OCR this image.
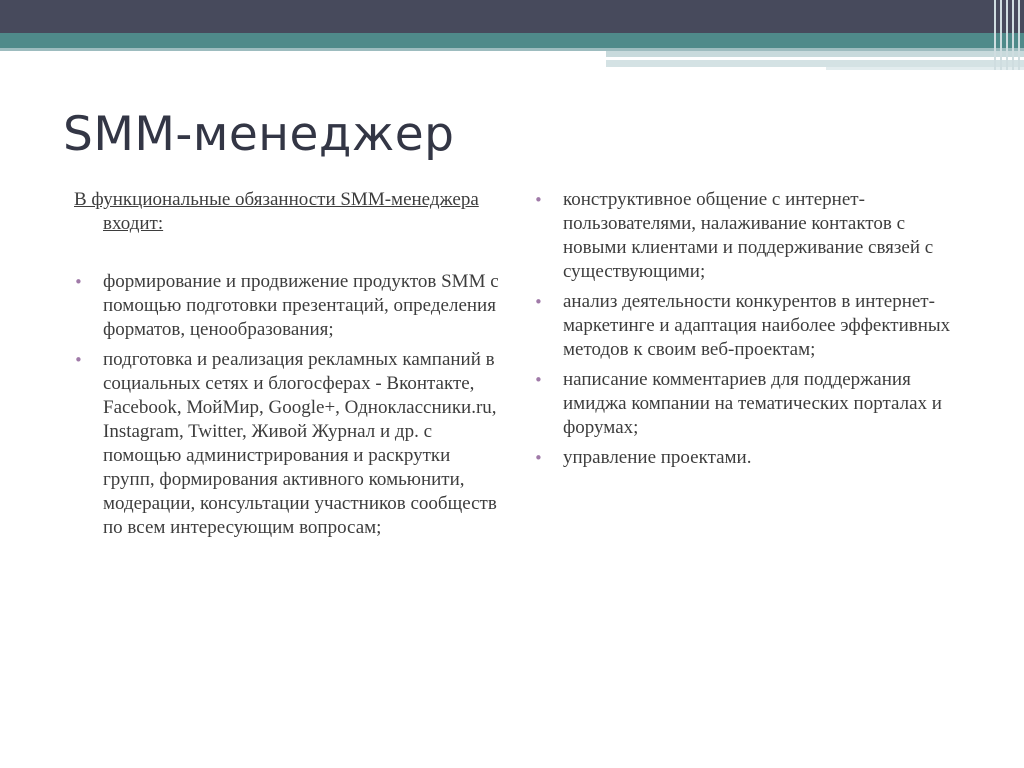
SMM-менеджер

В функциональные обязанности SMM-менеджера входит:

• формирование и продвижение продуктов SMM с помощью подготовки презентаций, определения форматов, ценообразования;
• подготовка и реализация рекламных кампаний в социальных сетях и блогосферах - Вконтакте, Facebook, МойМир, Google+, Одноклассники.ru, Instagram, Twitter, Живой Журнал и др. с помощью администрирования и раскрутки групп, формирования активного комьюнити, модерации, консультации участников сообществ по всем интересующим вопросам;
• конструктивное общение с интернет-пользователями, налаживание контактов с новыми клиентами и поддерживание связей с существующими;
• анализ деятельности конкурентов в интернет-маркетинге и адаптация наиболее эффективных методов к своим веб-проектам;
• написание комментариев для поддержания имиджа компании на тематических порталах и форумах;
• управление проектами.
